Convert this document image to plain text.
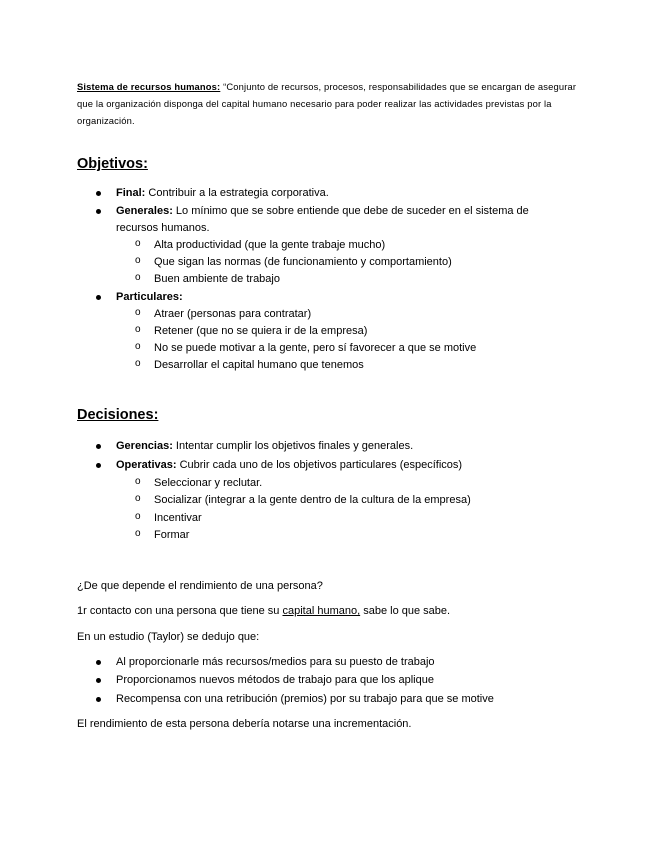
Sistema de recursos humanos: “Conjunto de recursos, procesos, responsabilidades que se encargan de asegurar que la organización disponga del capital humano necesario para poder realizar las actividades previstas por la organización.
Objetivos:
Final: Contribuir a la estrategia corporativa.
Generales: Lo mínimo que se sobre entiende que debe de suceder en el sistema de
recursos humanos.
o Alta productividad (que la gente trabaje mucho)
o Que sigan las normas (de funcionamiento y comportamiento)
o Buen ambiente de trabajo
Particulares:
o Atraer (personas para contratar)
o Retener (que no se quiera ir de la empresa)
o No se puede motivar a la gente, pero sí favorecer a que se motive
o Desarrollar el capital humano que tenemos
Decisiones:
Gerencias: Intentar cumplir los objetivos finales y generales.
Operativas: Cubrir cada uno de los objetivos particulares (específicos)
o Seleccionar y reclutar.
o Socializar (integrar a la gente dentro de la cultura de la empresa)
o Incentivar
o Formar
¿De que depende el rendimiento de una persona?
1r contacto con una persona que tiene su capital humano, sabe lo que sabe.
En un estudio (Taylor) se dedujo que:
Al proporcionarle más recursos/medios para su puesto de trabajo
Proporcionamos nuevos métodos de trabajo para que los aplique
Recompensa con una retribución (premios) por su trabajo para que se motive
El rendimiento de esta persona debería notarse una incrementación.
